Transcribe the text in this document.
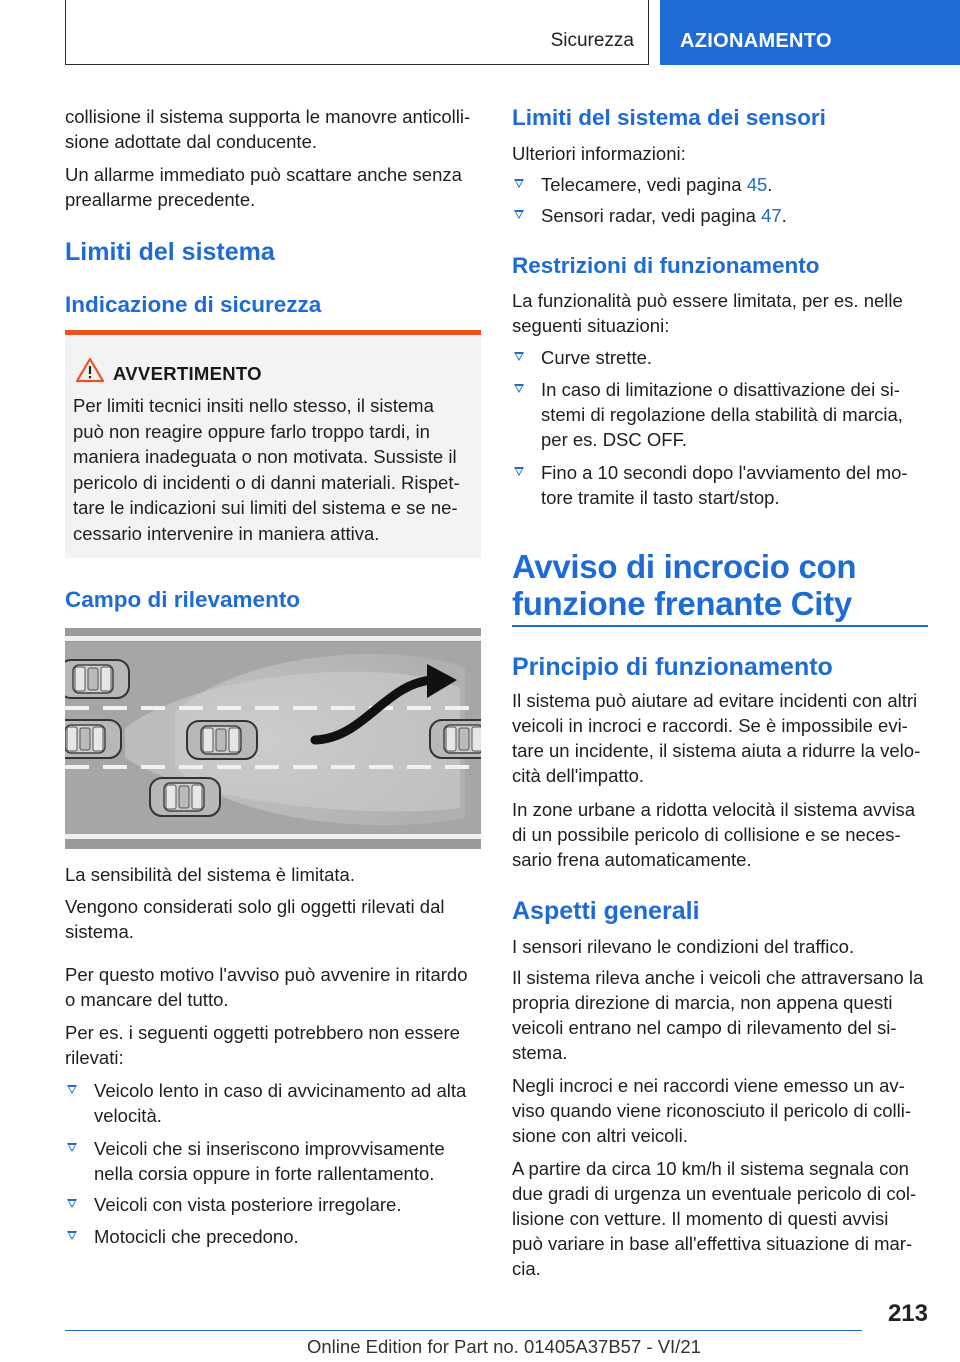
Sicurezza AZIONAMENTO

collisione il sistema supporta le manovre anticolli-
sione adottate dal conducente.

Un allarme immediato può scattare anche senza
preallarme precedente.

Limiti del sistema
Indicazione di sicurezza
AVVERTIMENTO
Per limiti tecnici insiti nello stesso, il sistema
può non reagire oppure farlo troppo tardi, in
maniera inadeguata o non motivata. Sussiste il
pericolo di incidenti o di danni materiali. Rispet-
tare le indicazioni sui limiti del sistema e se ne-
cessario intervenire in maniera attiva.
Campo di rilevamento

La sensibilità del sistema è limitata.

Vengono considerati solo gli oggetti rilevati dal
sistema.

Per questo motivo l'avviso può avvenire in ritardo
o mancare del tutto.

Per es. i seguenti oggetti potrebbero non essere
rilevati:

Veicolo lento in caso di avvicinamento ad alta
velocità.
Veicoli che si inseriscono improvvisamente
nella corsia oppure in forte rallentamento.
Veicoli con vista posteriore irregolare.
Motocicli che precedono.
Limiti del sistema dei sensori

Ulteriori informazioni:

Telecamere, vedi pagina 45.
Sensori radar, vedi pagina 47.
Restrizioni di funzionamento

La funzionalità può essere limitata, per es. nelle
seguenti situazioni:

Curve strette.
In caso di limitazione o disattivazione dei si-
stemi di regolazione della stabilità di marcia,
per es. DSC OFF.
Fino a 10 secondi dopo l'avviamento del mo-
tore tramite il tasto start/stop.
Avviso di incrocio con
funzione frenante City
Principio di funzionamento

Il sistema può aiutare ad evitare incidenti con altri
veicoli in incroci e raccordi. Se è impossibile evi-
tare un incidente, il sistema aiuta a ridurre la velo-
cità dell'impatto.

In zone urbane a ridotta velocità il sistema avvisa
di un possibile pericolo di collisione e se neces-
sario frena automaticamente.

Aspetti generali

I sensori rilevano le condizioni del traffico.

Il sistema rileva anche i veicoli che attraversano la
propria direzione di marcia, non appena questi
veicoli entrano nel campo di rilevamento del si-
stema.

Negli incroci e nei raccordi viene emesso un av-
viso quando viene riconosciuto il pericolo di colli-
sione con altri veicoli.

A partire da circa 10 km/h il sistema segnala con
due gradi di urgenza un eventuale pericolo di col-
lisione con vetture. Il momento di questi avvisi
può variare in base all'effettiva situazione di mar-
cia.

213
Online Edition for Part no. 01405A37B57 - VI/21
